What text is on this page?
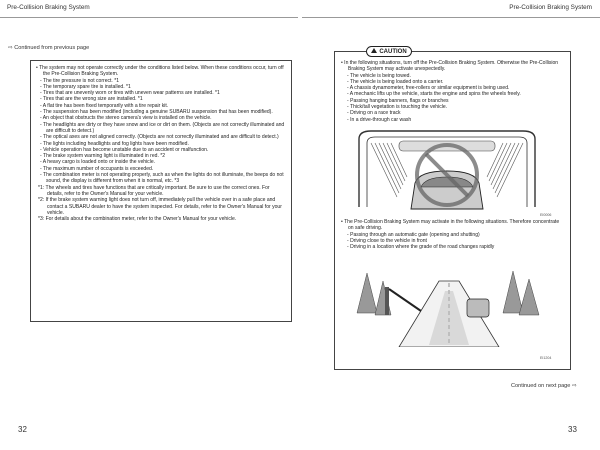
Pre-Collision Braking System	Pre-Collision Braking System
⇨ Continued from previous page
• The system may not operate correctly under the conditions listed below. When these conditions occur, turn off the Pre-Collision Braking System.
- The tire pressure is not correct. *1
- The temporary spare tire is installed. *1
- Tires that are unevenly worn or tires with uneven wear patterns are installed. *1
- Tires that are the wrong size are installed. *1
- A flat tire has been fixed temporarily with a tire repair kit.
- The suspension has been modified (including a genuine SUBARU suspension that has been modified).
- An object that obstructs the stereo camera's view is installed on the vehicle.
- The headlights are dirty or they have snow and ice or dirt on them. (Objects are not correctly illuminated and are difficult to detect.)
- The optical axes are not aligned correctly. (Objects are not correctly illuminated and are difficult to detect.)
- The lights including headlights and fog lights have been modified.
- Vehicle operation has become unstable due to an accident or malfunction.
- The brake system warning light is illuminated in red. *2
- A heavy cargo is loaded onto or inside the vehicle.
- The maximum number of occupants is exceeded.
- The combination meter is not operating properly, such as when the lights do not illuminate, the beeps do not sound, the display is different from when it is normal, etc. *3
*1: The wheels and tires have functions that are critically important. Be sure to use the correct ones. For details, refer to the Owner's Manual for your vehicle.
*2: If the brake system warning light does not turn off, immediately pull the vehicle over in a safe place and contact a SUBARU dealer to have the system inspected. For details, refer to the Owner's Manual for your vehicle.
*3: For details about the combination meter, refer to the Owner's Manual for your vehicle.
• In the following situations, turn off the Pre-Collision Braking System. Otherwise the Pre-Collision Braking System may activate unexpectedly.
- The vehicle is being towed.
- The vehicle is being loaded onto a carrier.
- A chassis dynamometer, free-rollers or similar equipment is being used.
- A mechanic lifts up the vehicle, starts the engine and spins the wheels freely.
- Passing hanging banners, flags or branches
- Thick/tall vegetation is touching the vehicle.
- Driving on a race track
- In a drive-through car wash
EI0006
• The Pre-Collision Braking System may activate in the following situations. Therefore concentrate on safe driving.
- Passing through an automatic gate (opening and shutting)
- Driving close to the vehicle in front
- Driving in a location where the grade of the road changes rapidly
EI1204
!CAUTION
Continued on next page ⇨
32	33
